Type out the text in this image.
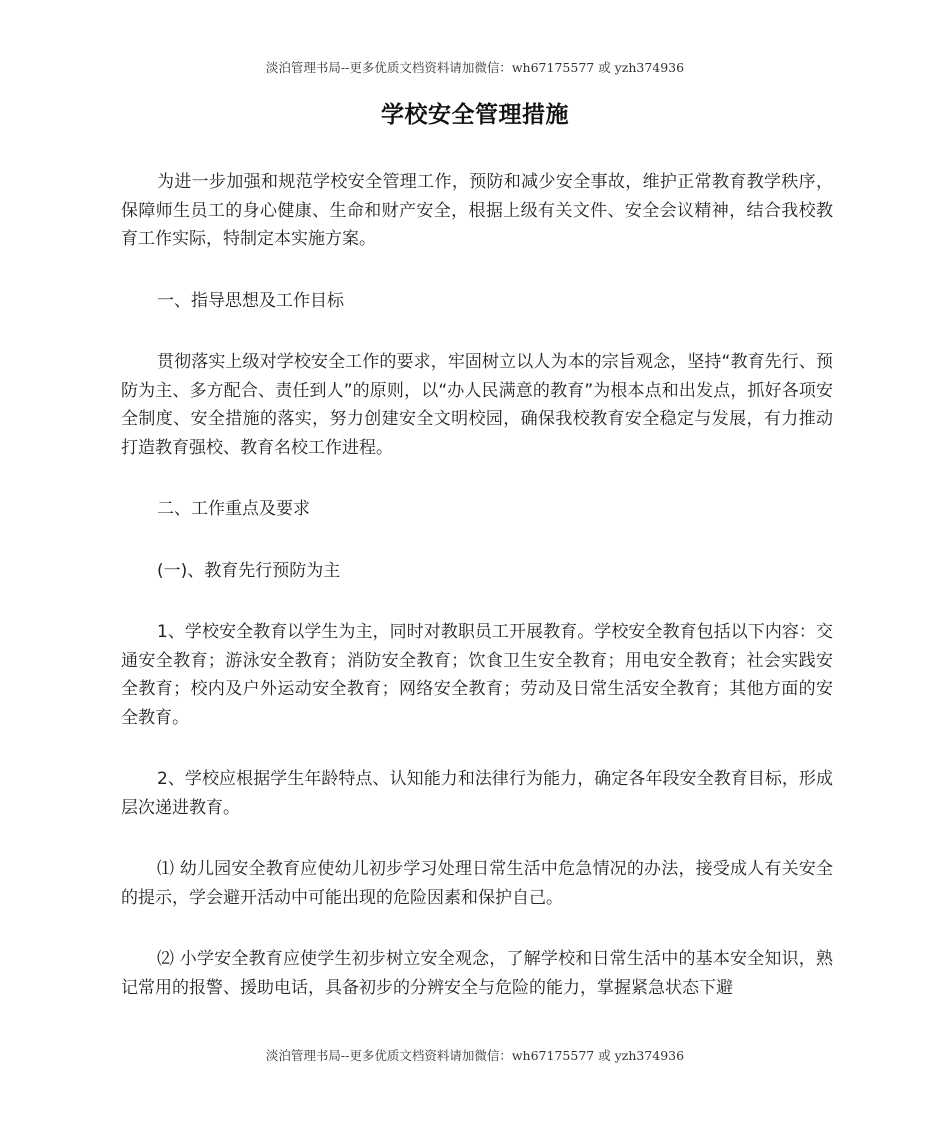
淡泊管理书局--更多优质文档资料请加微信：wh67175577 或 yzh374936
学校安全管理措施

为进一步加强和规范学校安全管理工作，预防和减少安全事故，维护正常教育教学秩序，保障师生员工的身心健康、生命和财产安全，根据上级有关文件、安全会议精神，结合我校教育工作实际，特制定本实施方案。

一、指导思想及工作目标

贯彻落实上级对学校安全工作的要求，牢固树立以人为本的宗旨观念，坚持“教育先行、预防为主、多方配合、责任到人”的原则，以“办人民满意的教育”为根本点和出发点，抓好各项安全制度、安全措施的落实，努力创建安全文明校园，确保我校教育安全稳定与发展，有力推动打造教育强校、教育名校工作进程。

二、工作重点及要求

(一)、教育先行预防为主

1、学校安全教育以学生为主，同时对教职员工开展教育。学校安全教育包括以下内容：交通安全教育；游泳安全教育；消防安全教育；饮食卫生安全教育；用电安全教育；社会实践安全教育；校内及户外运动安全教育；网络安全教育；劳动及日常生活安全教育；其他方面的安全教育。

2、学校应根据学生年龄特点、认知能力和法律行为能力，确定各年段安全教育目标，形成层次递进教育。

⑴ 幼儿园安全教育应使幼儿初步学习处理日常生活中危急情况的办法，接受成人有关安全的提示，学会避开活动中可能出现的危险因素和保护自己。

⑵ 小学安全教育应使学生初步树立安全观念，了解学校和日常生活中的基本安全知识，熟记常用的报警、援助电话，具备初步的分辨安全与危险的能力，掌握紧急状态下避

淡泊管理书局--更多优质文档资料请加微信：wh67175577 或 yzh374936
